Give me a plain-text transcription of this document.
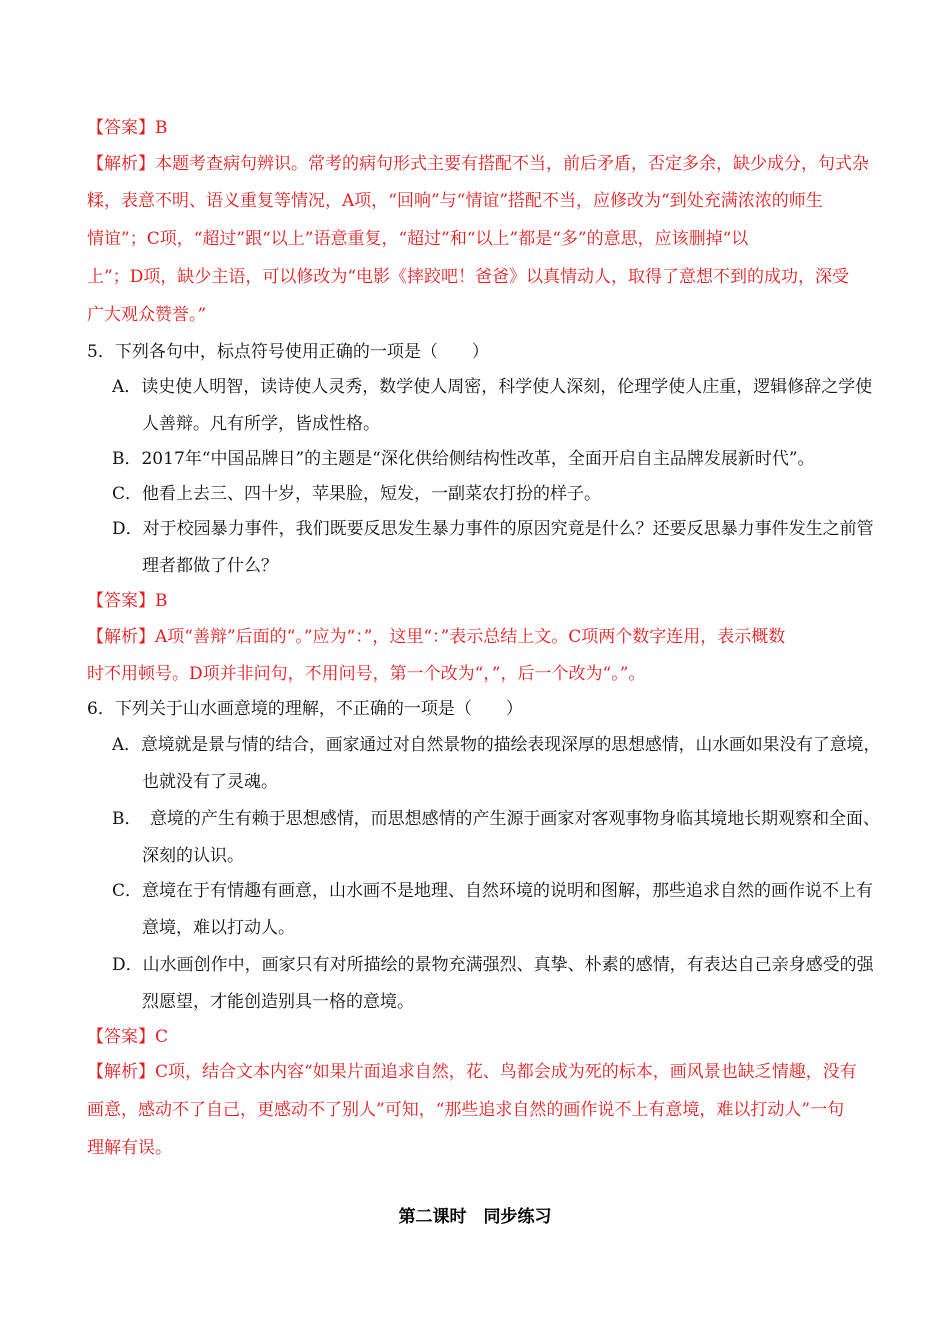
【答案】B
【解析】本题考查病句辨识。常考的病句形式主要有搭配不当，前后矛盾，否定多余，缺少成分，句式杂
糅，表意不明、语义重复等情况，A项，“回响”与“情谊”搭配不当，应修改为“到处充满浓浓的师生
情谊”；C项，“超过”跟“以上”语意重复，“超过”和“以上”都是“多”的意思，应该删掉“以
上”；D项，缺少主语，可以修改为“电影《摔跤吧！爸爸》以真情动人，取得了意想不到的成功，深受
广大观众赞誉。”
5．下列各句中，标点符号使用正确的一项是（　　）
A．读史使人明智，读诗使人灵秀，数学使人周密，科学使人深刻，伦理学使人庄重，逻辑修辞之学使
人善辩。凡有所学，皆成性格。
B．2017年“中国品牌日”的主题是“深化供给侧结构性改革，全面开启自主品牌发展新时代”。
C．他看上去三、四十岁，苹果脸，短发，一副菜农打扮的样子。
D．对于校园暴力事件，我们既要反思发生暴力事件的原因究竟是什么？还要反思暴力事件发生之前管
理者都做了什么？
【答案】B
【解析】A项“善辩”后面的“。”应为“：”，这里“：”表示总结上文。C项两个数字连用，表示概数
时不用顿号。D项并非问句，不用问号，第一个改为“，”，后一个改为“。”。
6．下列关于山水画意境的理解，不正确的一项是（　　）
A．意境就是景与情的结合，画家通过对自然景物的描绘表现深厚的思想感情，山水画如果没有了意境，
也就没有了灵魂。
B．　意境的产生有赖于思想感情，而思想感情的产生源于画家对客观事物身临其境地长期观察和全面、
深刻的认识。
C．意境在于有情趣有画意，山水画不是地理、自然环境的说明和图解，那些追求自然的画作说不上有
意境，难以打动人。
D．山水画创作中，画家只有对所描绘的景物充满强烈、真挚、朴素的感情，有表达自己亲身感受的强
烈愿望，才能创造别具一格的意境。
【答案】C
【解析】C项，结合文本内容“如果片面追求自然，花、鸟都会成为死的标本，画风景也缺乏情趣，没有
画意，感动不了自己，更感动不了别人”可知，“那些追求自然的画作说不上有意境，难以打动人”一句
理解有误。
第二课时　同步练习
